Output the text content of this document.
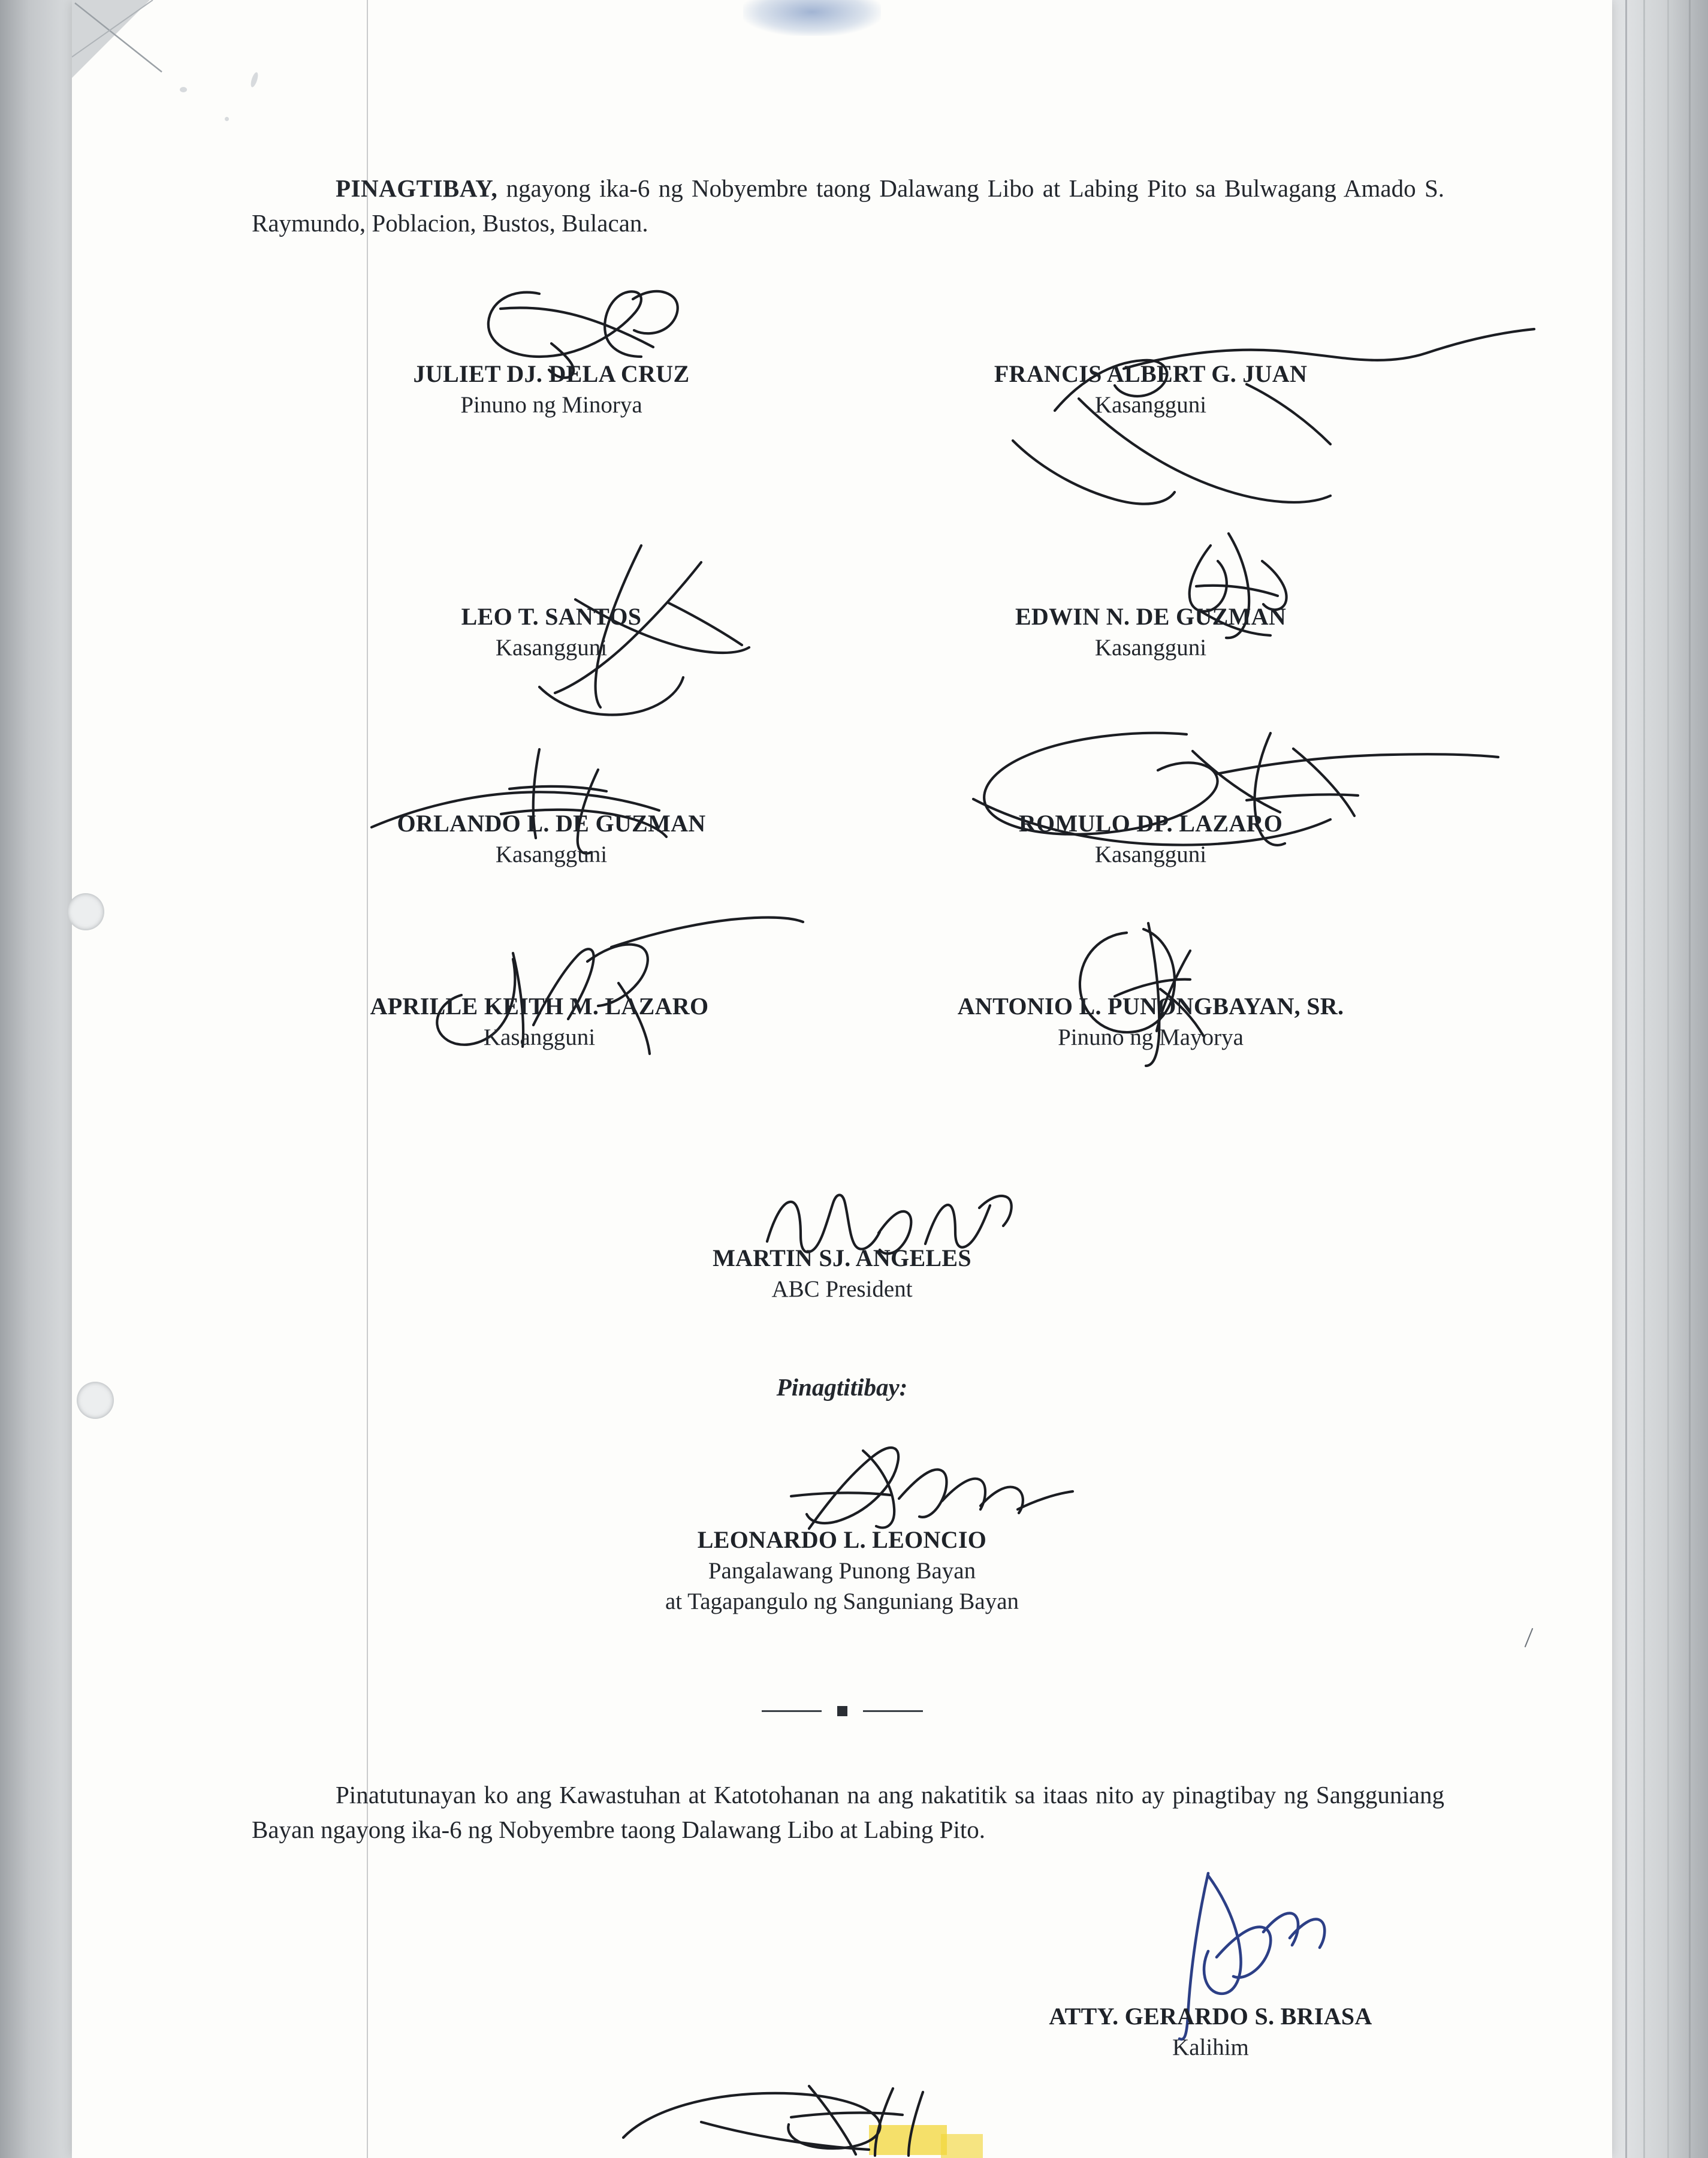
PINAGTIBAY, ngayong ika-6 ng Nobyembre taong Dalawang Libo at Labing Pito sa Bulwagang Amado S. Raymundo, Poblacion, Bustos, Bulacan.
JULIET DJ. DELA CRUZ
Pinuno ng Minorya
FRANCIS ALBERT G. JUAN
Kasangguni
LEO T. SANTOS
Kasangguni
EDWIN N. DE GUZMAN
Kasangguni
ORLANDO L. DE GUZMAN
Kasangguni
ROMULO DP. LAZARO
Kasangguni
APRILLE KEITH M. LAZARO
Kasangguni
ANTONIO L. PUNONGBAYAN, SR.
Pinuno ng Mayorya
MARTIN SJ. ANGELES
ABC President
Pinagtitibay:
LEONARDO L. LEONCIO
Pangalawang Punong Bayan
at Tagapangulo ng Sanguniang Bayan

Pinatutunayan ko ang Kawastuhan at Katotohanan na ang nakatitik sa itaas nito ay pinagtibay ng Sangguniang Bayan ngayong ika-6 ng Nobyembre taong Dalawang Libo at Labing Pito.
ATTY. GERARDO S. BRIASA
Kalihim
